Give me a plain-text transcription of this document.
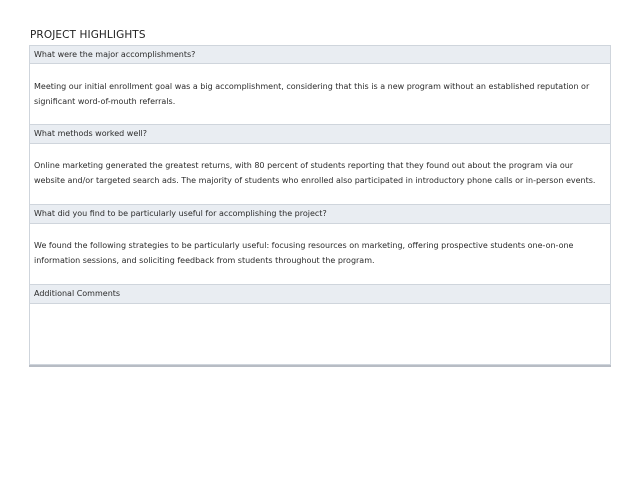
PROJECT HIGHLIGHTS
What were the major accomplishments?
Meeting our initial enrollment goal was a big accomplishment, considering that this is a new program without an established reputation or significant word-of-mouth referrals.
What methods worked well?
Online marketing generated the greatest returns, with 80 percent of students reporting that they found out about the program via our website and/or targeted search ads. The majority of students who enrolled also participated in introductory phone calls or in-person events.
What did you find to be particularly useful for accomplishing the project?
We found the following strategies to be particularly useful: focusing resources on marketing, offering prospective students one-on-one information sessions, and soliciting feedback from students throughout the program.
Additional Comments
